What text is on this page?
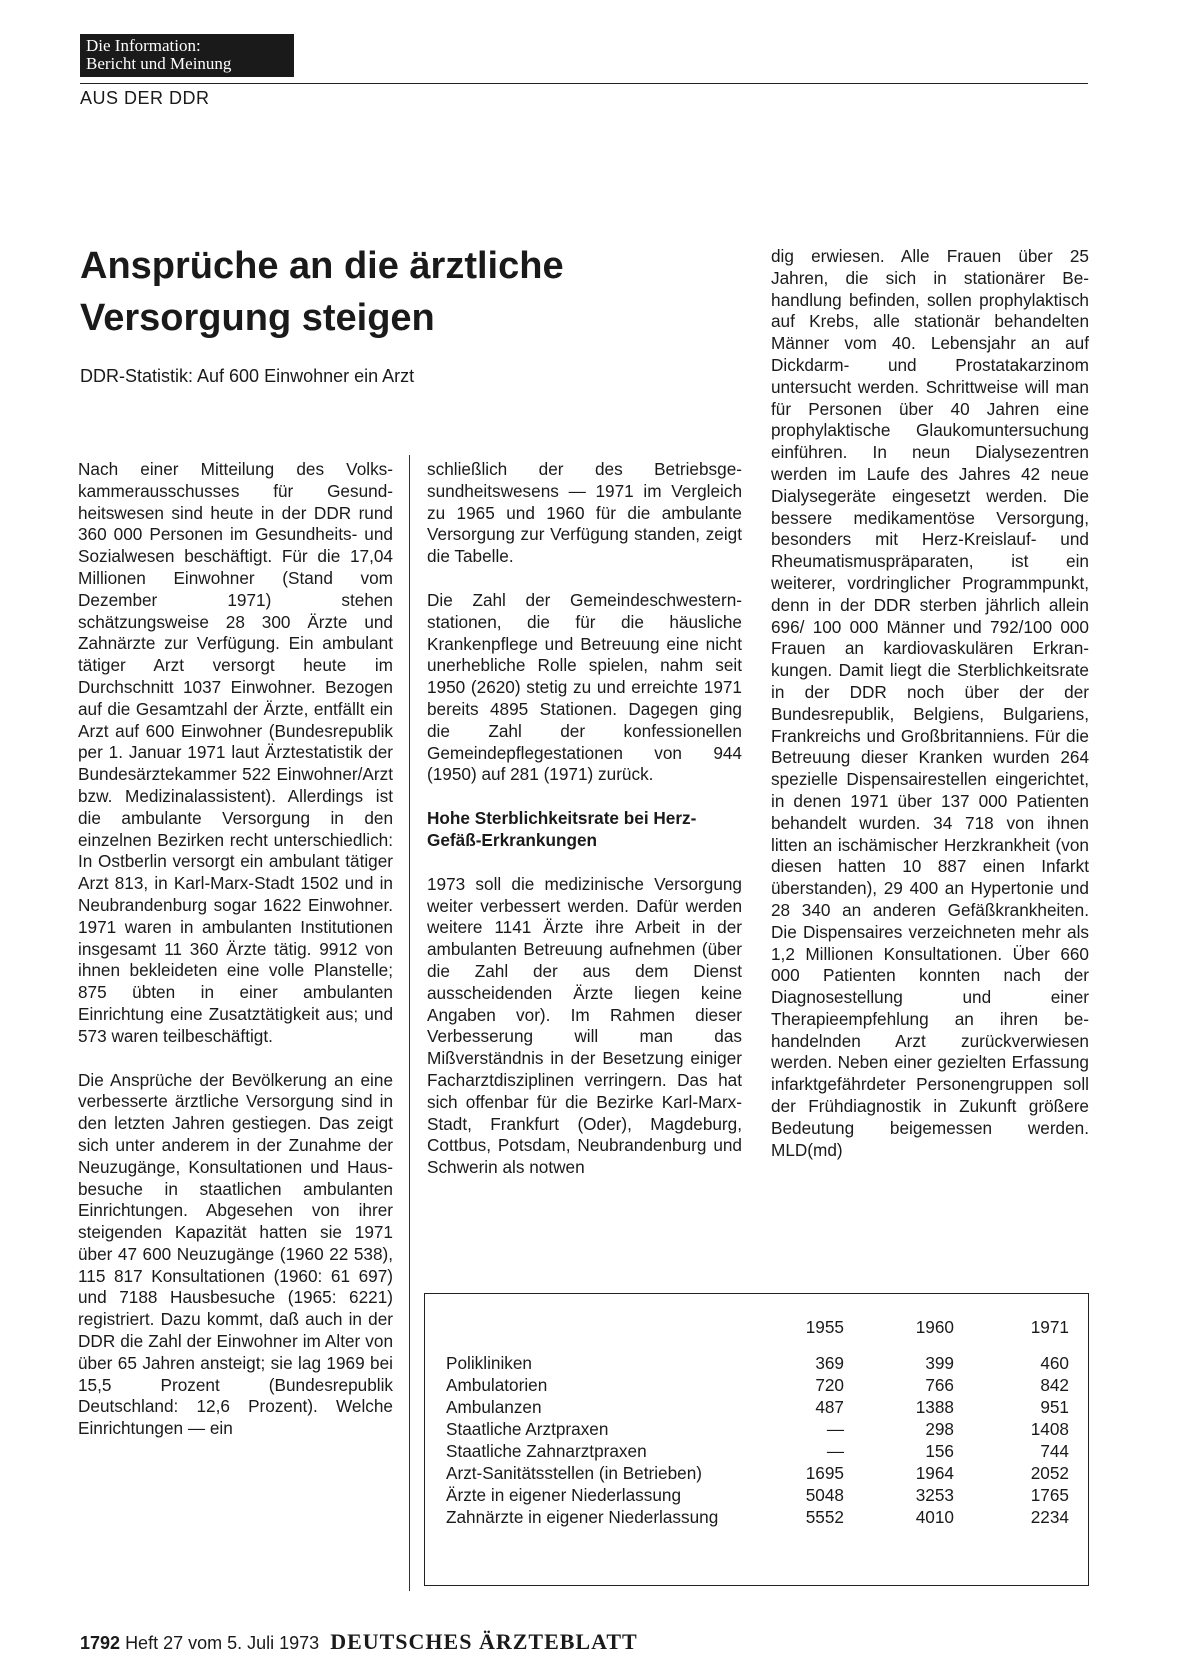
Die Information:
Bericht und Meinung
AUS DER DDR
Ansprüche an die ärztliche Versorgung steigen
DDR-Statistik: Auf 600 Einwohner ein Arzt

Nach einer Mitteilung des Volkskammerausschusses für Gesundheitswesen sind heute in der DDR rund 360 000 Personen im Gesundheits- und Sozialwesen beschäftigt. Für die 17,04 Millionen Einwohner (Stand vom Dezember 1971) stehen schätzungsweise 28 300 Ärzte und Zahnärzte zur Verfügung. Ein ambulant tätiger Arzt versorgt heute im Durchschnitt 1037 Einwohner. Bezogen auf die Gesamtzahl der Ärzte, entfällt ein Arzt auf 600 Einwohner (Bundesrepublik per 1. Januar 1971 laut Ärztestatistik der Bundesärztekammer 522 Einwohner/Arzt bzw. Medizinalassistent). Allerdings ist die ambulante Versorgung in den einzelnen Bezirken recht unterschiedlich: In Ostberlin versorgt ein ambulant tätiger Arzt 813, in Karl-Marx-Stadt 1502 und in Neubrandenburg sogar 1622 Einwohner. 1971 waren in ambulanten Institutionen insgesamt 11 360 Ärzte tätig. 9912 von ihnen bekleideten eine volle Planstelle; 875 übten in einer ambulanten Einrichtung eine Zusatztätigkeit aus; und 573 waren teilbeschäftigt.

Die Ansprüche der Bevölkerung an eine verbesserte ärztliche Versorgung sind in den letzten Jahren gestiegen. Das zeigt sich unter anderem in der Zunahme der Neuzugänge, Konsultationen und Hausbesuche in staatlichen ambulanten Einrichtungen. Abgesehen von ihrer steigenden Kapazität hatten sie 1971 über 47 600 Neuzugänge (1960 22 538), 115 817 Konsultationen (1960: 61 697) und 7188 Hausbesuche (1965: 6221) registriert. Dazu kommt, daß auch in der DDR die Zahl der Einwohner im Alter von über 65 Jahren ansteigt; sie lag 1969 bei 15,5 Prozent (Bundesrepublik Deutschland: 12,6 Prozent). Welche Einrichtungen — ein

schließlich der des Betriebsgesundheitswesens — 1971 im Vergleich zu 1965 und 1960 für die ambulante Versorgung zur Verfügung standen, zeigt die Tabelle.

Die Zahl der Gemeindeschwesternstationen, die für die häusliche Krankenpflege und Betreuung eine nicht unerhebliche Rolle spielen, nahm seit 1950 (2620) stetig zu und erreichte 1971 bereits 4895 Stationen. Dagegen ging die Zahl der konfessionellen Gemeindepflegestationen von 944 (1950) auf 281 (1971) zurück.

Hohe Sterblichkeitsrate bei Herz-Gefäß-Erkrankungen

1973 soll die medizinische Versorgung weiter verbessert werden. Dafür werden weitere 1141 Ärzte ihre Arbeit in der ambulanten Betreuung aufnehmen (über die Zahl der aus dem Dienst ausscheidenden Ärzte liegen keine Angaben vor). Im Rahmen dieser Verbesserung will man das Mißverständnis in der Besetzung einiger Facharztdisziplinen verringern. Das hat sich offenbar für die Bezirke Karl-Marx-Stadt, Frankfurt (Oder), Magdeburg, Cottbus, Potsdam, Neubrandenburg und Schwerin als notwen

dig erwiesen. Alle Frauen über 25 Jahren, die sich in stationärer Behandlung befinden, sollen prophylaktisch auf Krebs, alle stationär behandelten Männer vom 40. Lebensjahr an auf Dickdarm- und Prostatakarzinom untersucht werden. Schrittweise will man für Personen über 40 Jahren eine prophylaktische Glaukomuntersuchung einführen. In neun Dialysezentren werden im Laufe des Jahres 42 neue Dialysegeräte eingesetzt werden. Die bessere medikamentöse Versorgung, besonders mit Herz-Kreislauf- und Rheumatismuspräparaten, ist ein weiterer, vordringlicher Programmpunkt, denn in der DDR sterben jährlich allein 696/ 100 000 Männer und 792/100 000 Frauen an kardiovaskulären Erkrankungen. Damit liegt die Sterblichkeitsrate in der DDR noch über der der Bundesrepublik, Belgiens, Bulgariens, Frankreichs und Großbritanniens. Für die Betreuung dieser Kranken wurden 264 spezielle Dispensairestellen eingerichtet, in denen 1971 über 137 000 Patienten behandelt wurden. 34 718 von ihnen litten an ischämischer Herzkrankheit (von diesen hatten 10 887 einen Infarkt überstanden), 29 400 an Hypertonie und 28 340 an anderen Gefäßkrankheiten. Die Dispensaires verzeichneten mehr als 1,2 Millionen Konsultationen. Über 660 000 Patienten konnten nach der Diagnosestellung und einer Therapieempfehlung an ihren behandelnden Arzt zurückverwiesen werden. Neben einer gezielten Erfassung infarktgefährdeter Personengruppen soll der Frühdiagnostik in Zukunft größere Bedeutung beigemessen werden. MLD(md)

	1955	1960	1971
Polikliniken	369	399	460
Ambulatorien	720	766	842
Ambulanzen	487	1388	951
Staatliche Arztpraxen	—	298	1408
Staatliche Zahnarztpraxen	—	156	744
Arzt-Sanitätsstellen (in Betrieben)	1695	1964	2052
Ärzte in eigener Niederlassung	5048	3253	1765
Zahnärzte in eigener Niederlassung	5552	4010	2234
1792 Heft 27 vom 5. Juli 1973 DEUTSCHES ÄRZTEBLATT
